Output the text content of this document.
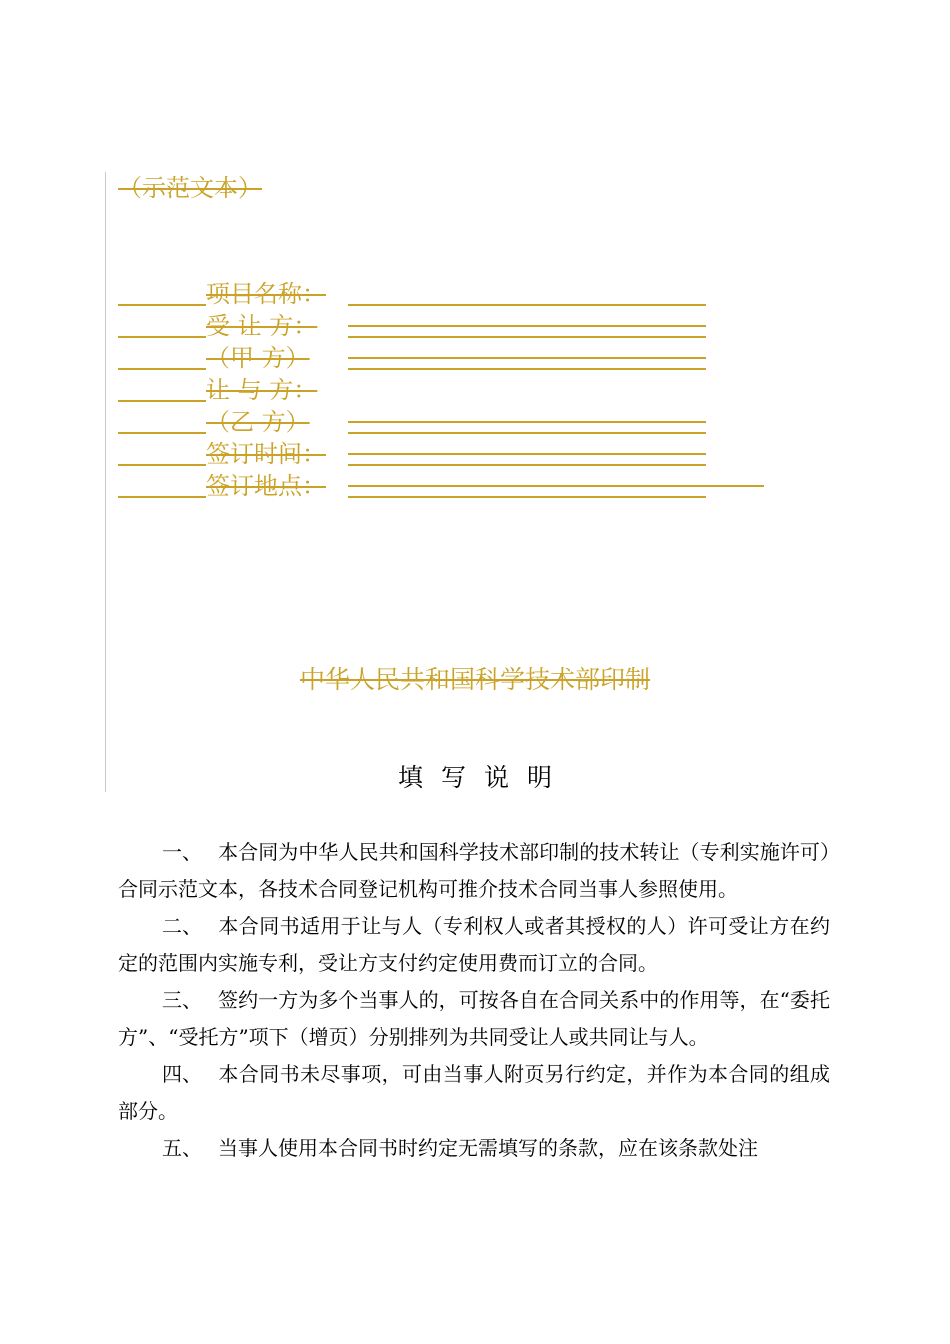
（示范文本）
项目名称：
受 让 方：
（甲 方）
让 与 方：
（乙 方）
签订时间：
签订地点：
中华人民共和国科学技术部印制
填写说明

一、 本合同为中华人民共和国科学技术部印制的技术转让（专利实施许可）合同示范文本，各技术合同登记机构可推介技术合同当事人参照使用。

二、 本合同书适用于让与人（专利权人或者其授权的人）许可受让方在约定的范围内实施专利，受让方支付约定使用费而订立的合同。

三、 签约一方为多个当事人的，可按各自在合同关系中的作用等，在“委托方”、“受托方”项下（增页）分别排列为共同受让人或共同让与人。

四、 本合同书未尽事项，可由当事人附页另行约定，并作为本合同的组成部分。

五、 当事人使用本合同书时约定无需填写的条款，应在该条款处注
